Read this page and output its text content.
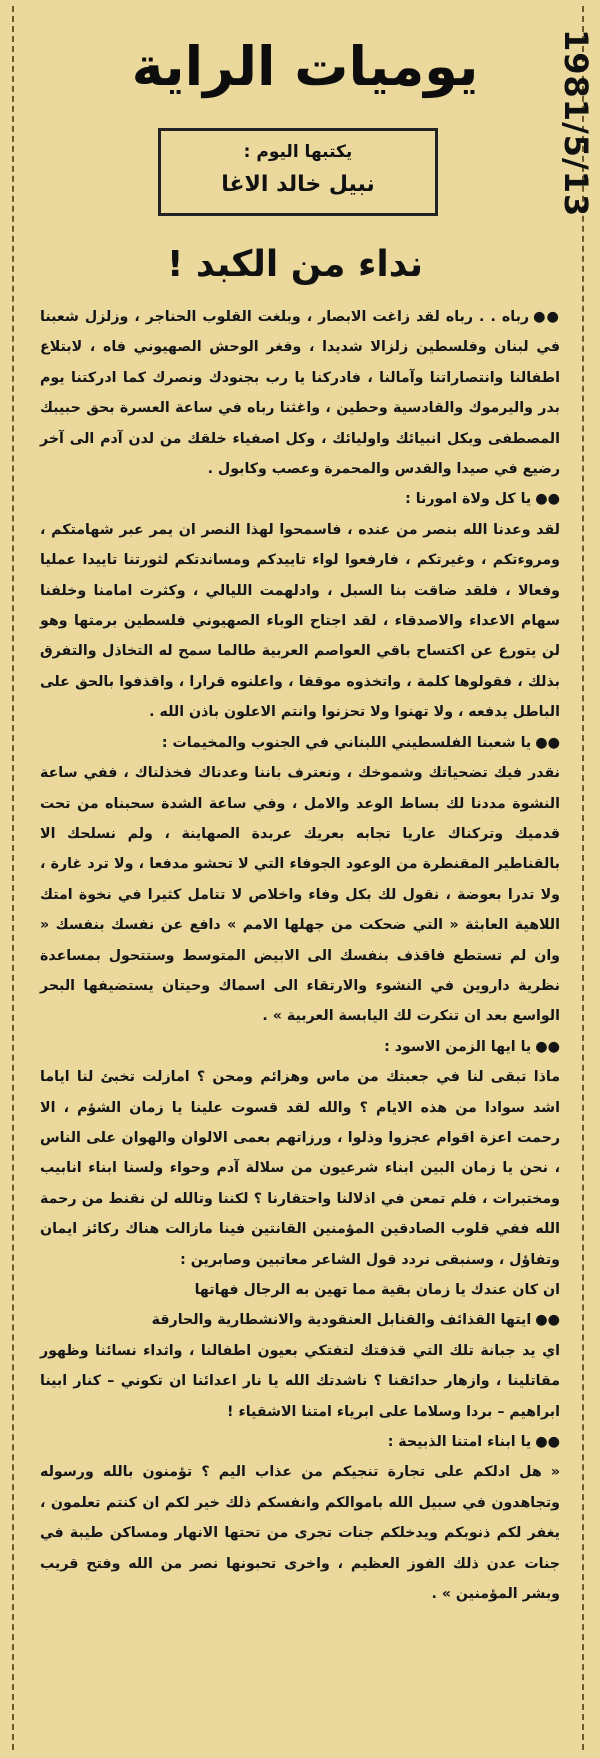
1981/5/13
يوميات الراية
يكتبها اليوم :
نبيل خالد الاغا
نداء من الكبد !

●●رباه . . رباه لقد زاغت الابصار ، وبلغت القلوب الحناجر ، وزلزل شعبنا في لبنان وفلسطين زلزالا شديدا ، وفغر الوحش الصهيوني فاه ، لابتلاع اطفالنا وانتصاراتنا وآمالنا ، فادركنا يا رب بجنودك ونصرك كما ادركتنا يوم بدر واليرموك والقادسية وحطين ، واغثنا رباه في ساعة العسرة بحق حبيبك المصطفى وبكل انبيائك واوليائك ، وكل اصفياء خلقك من لدن آدم الى آخر رضيع في صيدا والقدس والمحمرة وعصب وكابول .

●●يا كل ولاة امورنا :

لقد وعدنا الله بنصر من عنده ، فاسمحوا لهذا النصر ان يمر عبر شهامتكم ، ومروءتكم ، وغيرتكم ، فارفعوا لواء تاييدكم ومساندتكم لثورتنا تاييدا عمليا وفعالا ، فلقد ضاقت بنا السبل ، وادلهمت الليالي ، وكثرت امامنا وخلفنا سهام الاعداء والاصدقاء ، لقد اجتاح الوباء الصهيوني فلسطين برمتها وهو لن يتورع عن اكتساح باقي العواصم العربية طالما سمح له التخاذل والتفرق بذلك ، فقولوها كلمة ، واتخذوه موقفا ، واعلنوه قرارا ، واقذفوا بالحق على الباطل يدفعه ، ولا تهنوا ولا تحزنوا وانتم الاعلون باذن الله .

●●يا شعبنا الفلسطيني اللبناني في الجنوب والمخيمات :

نقدر فيك تضحياتك وشموخك ، ونعترف باننا وعدناك فخذلناك ، ففي ساعة النشوة مددنا لك بساط الوعد والامل ، وفي ساعة الشدة سحبناه من تحت قدميك وتركناك عاريا تجابه بعريك عربدة الصهاينة ، ولم نسلحك الا بالقناطير المقنطرة من الوعود الجوفاء التي لا تحشو مدفعا ، ولا ترد غارة ، ولا تدرا بعوضة ، نقول لك بكل وفاء واخلاص لا تتامل كثيرا في نخوة امتك اللاهية العابثة « التي ضحكت من جهلها الامم » دافع عن نفسك بنفسك « وان لم تستطع فاقذف بنفسك الى الابيض المتوسط وستتحول بمساعدة نظرية داروين في النشوء والارتقاء الى اسماك وحيتان يستضيفها البحر الواسع بعد ان تنكرت لك اليابسة العربية » .

●●يا ايها الزمن الاسود :

ماذا تبقى لنا في جعبتك من ماس وهزائم ومحن ؟ امازلت تخبئ لنا اياما اشد سوادا من هذه الايام ؟ والله لقد قسوت علينا يا زمان الشؤم ، الا رحمت اعزة اقوام عجزوا وذلوا ، ورزاتهم بعمى الالوان والهوان على الناس ، نحن يا زمان البين ابناء شرعيون من سلالة آدم وحواء ولسنا ابناء انابيب ومختبرات ، فلم تمعن في اذلالنا واحتقارنا ؟ لكننا وتالله لن نقنط من رحمة الله ففي قلوب الصادقين المؤمنين القانتين فينا مازالت هناك ركائز ايمان وتفاؤل ، وسنبقى نردد قول الشاعر معاتبين وصابرين :

ان كان عندك يا زمان بقية مما تهين به الرجال فهاتها

●●ايتها القذائف والقنابل العنقودية والانشطارية والحارقة

اي يد جبانة تلك التي قذفتك لتفتكي بعيون اطفالنا ، واثداء نسائنا وظهور مقاتلينا ، وازهار حدائقنا ؟ ناشدتك الله يا نار اعدائنا ان تكوني – كنار ابينا ابراهيم – بردا وسلاما على ابرياء امتنا الاشقياء !

●●يا ابناء امتنا الذبيحة :

« هل ادلكم على تجارة تنجيكم من عذاب اليم ؟ تؤمنون بالله ورسوله وتجاهدون في سبيل الله باموالكم وانفسكم ذلك خير لكم ان كنتم تعلمون ، يغفر لكم ذنوبكم ويدخلكم جنات تجرى من تحتها الانهار ومساكن طيبة في جنات عدن ذلك الفوز العظيم ، واخرى تحبونها نصر من الله وفتح قريب وبشر المؤمنين » .
